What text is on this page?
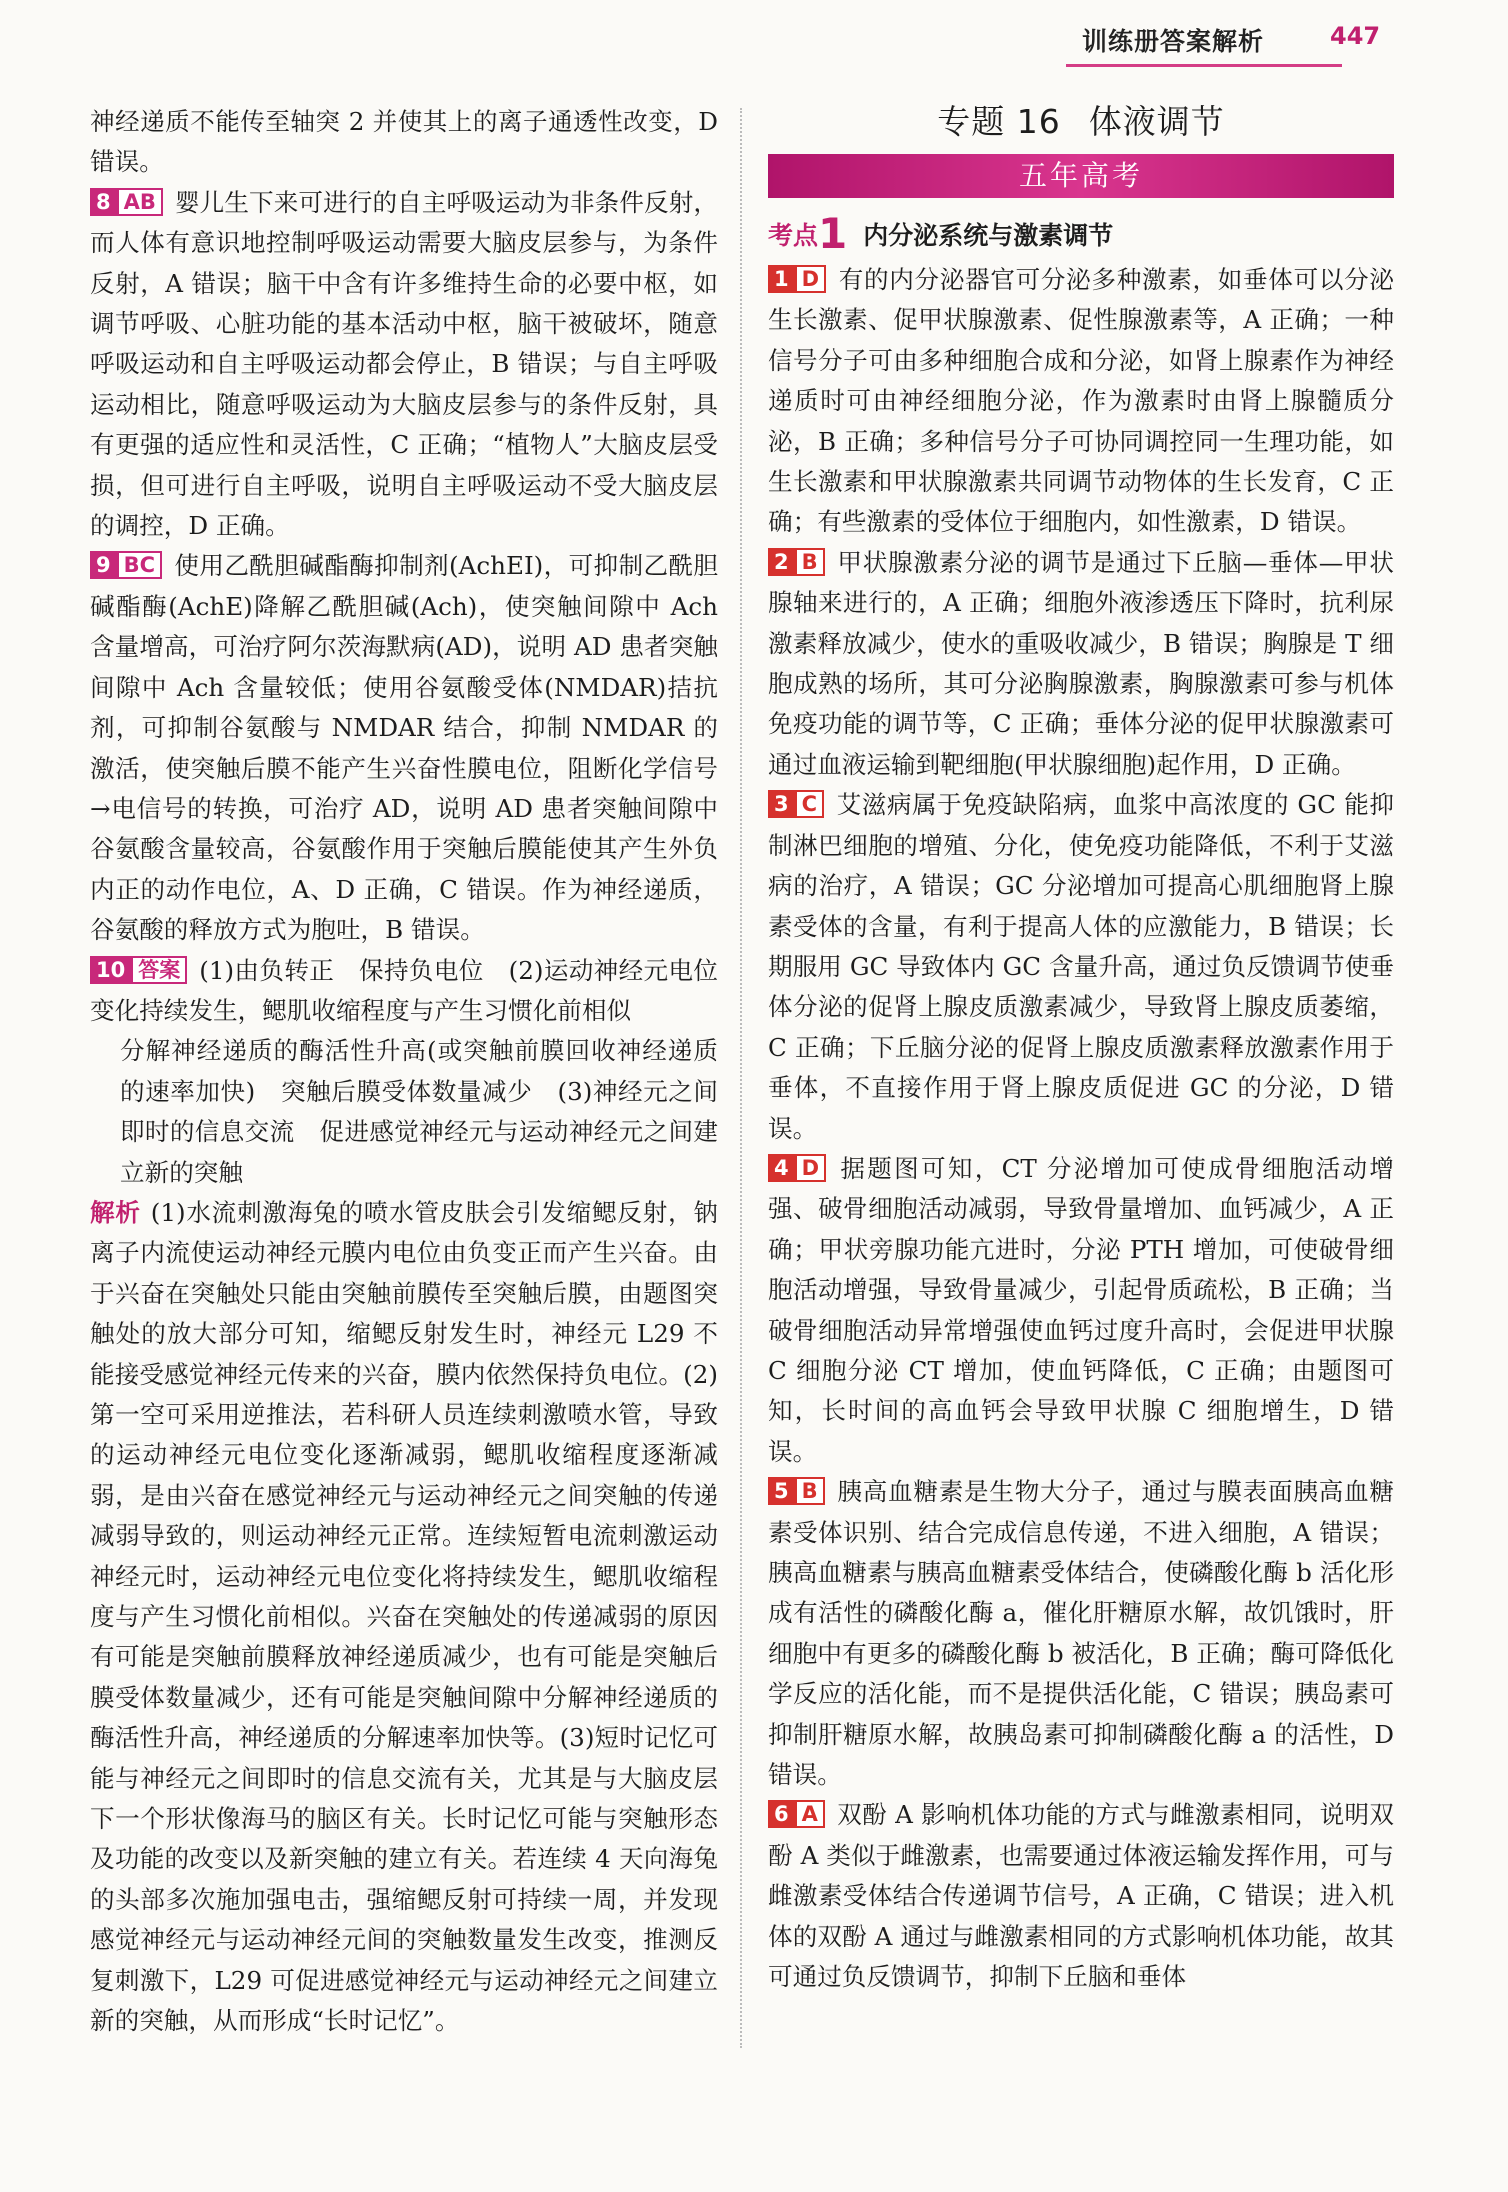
训练册答案解析	447

神经递质不能传至轴突 2 并使其上的离子通透性改变，D 错误。

8 AB 婴儿生下来可进行的自主呼吸运动为非条件反射，而人体有意识地控制呼吸运动需要大脑皮层参与，为条件反射，A 错误；脑干中含有许多维持生命的必要中枢，如调节呼吸、心脏功能的基本活动中枢，脑干被破坏，随意呼吸运动和自主呼吸运动都会停止，B 错误；与自主呼吸运动相比，随意呼吸运动为大脑皮层参与的条件反射，具有更强的适应性和灵活性，C 正确；“植物人”大脑皮层受损，但可进行自主呼吸，说明自主呼吸运动不受大脑皮层的调控，D 正确。

9 BC 使用乙酰胆碱酯酶抑制剂(AchEI)，可抑制乙酰胆碱酯酶(AchE)降解乙酰胆碱(Ach)，使突触间隙中 Ach 含量增高，可治疗阿尔茨海默病(AD)，说明 AD 患者突触间隙中 Ach 含量较低；使用谷氨酸受体(NMDAR)拮抗剂，可抑制谷氨酸与 NMDAR 结合，抑制 NMDAR 的激活，使突触后膜不能产生兴奋性膜电位，阻断化学信号→电信号的转换，可治疗 AD，说明 AD 患者突触间隙中谷氨酸含量较高，谷氨酸作用于突触后膜能使其产生外负内正的动作电位，A、D 正确，C 错误。作为神经递质，谷氨酸的释放方式为胞吐，B 错误。

10 答案 (1)由负转正　保持负电位　(2)运动神经元电位变化持续发生，鳃肌收缩程度与产生习惯化前相似

分解神经递质的酶活性升高(或突触前膜回收神经递质的速率加快)　突触后膜受体数量减少　(3)神经元之间即时的信息交流　促进感觉神经元与运动神经元之间建立新的突触

解析 (1)水流刺激海兔的喷水管皮肤会引发缩鳃反射，钠离子内流使运动神经元膜内电位由负变正而产生兴奋。由于兴奋在突触处只能由突触前膜传至突触后膜，由题图突触处的放大部分可知，缩鳃反射发生时，神经元 L29 不能接受感觉神经元传来的兴奋，膜内依然保持负电位。(2)第一空可采用逆推法，若科研人员连续刺激喷水管，导致的运动神经元电位变化逐渐减弱，鳃肌收缩程度逐渐减弱，是由兴奋在感觉神经元与运动神经元之间突触的传递减弱导致的，则运动神经元正常。连续短暂电流刺激运动神经元时，运动神经元电位变化将持续发生，鳃肌收缩程度与产生习惯化前相似。兴奋在突触处的传递减弱的原因有可能是突触前膜释放神经递质减少，也有可能是突触后膜受体数量减少，还有可能是突触间隙中分解神经递质的酶活性升高，神经递质的分解速率加快等。(3)短时记忆可能与神经元之间即时的信息交流有关，尤其是与大脑皮层下一个形状像海马的脑区有关。长时记忆可能与突触形态及功能的改变以及新突触的建立有关。若连续 4 天向海兔的头部多次施加强电击，强缩鳃反射可持续一周，并发现感觉神经元与运动神经元间的突触数量发生改变，推测反复刺激下，L29 可促进感觉神经元与运动神经元之间建立新的突触，从而形成“长时记忆”。

专题 16 体液调节
五年高考
考点1 内分泌系统与激素调节

1 D 有的内分泌器官可分泌多种激素，如垂体可以分泌生长激素、促甲状腺激素、促性腺激素等，A 正确；一种信号分子可由多种细胞合成和分泌，如肾上腺素作为神经递质时可由神经细胞分泌，作为激素时由肾上腺髓质分泌，B 正确；多种信号分子可协同调控同一生理功能，如生长激素和甲状腺激素共同调节动物体的生长发育，C 正确；有些激素的受体位于细胞内，如性激素，D 错误。

2 B 甲状腺激素分泌的调节是通过下丘脑—垂体—甲状腺轴来进行的，A 正确；细胞外液渗透压下降时，抗利尿激素释放减少，使水的重吸收减少，B 错误；胸腺是 T 细胞成熟的场所，其可分泌胸腺激素，胸腺激素可参与机体免疫功能的调节等，C 正确；垂体分泌的促甲状腺激素可通过血液运输到靶细胞(甲状腺细胞)起作用，D 正确。

3 C 艾滋病属于免疫缺陷病，血浆中高浓度的 GC 能抑制淋巴细胞的增殖、分化，使免疫功能降低，不利于艾滋病的治疗，A 错误；GC 分泌增加可提高心肌细胞肾上腺素受体的含量，有利于提高人体的应激能力，B 错误；长期服用 GC 导致体内 GC 含量升高，通过负反馈调节使垂体分泌的促肾上腺皮质激素减少，导致肾上腺皮质萎缩，C 正确；下丘脑分泌的促肾上腺皮质激素释放激素作用于垂体，不直接作用于肾上腺皮质促进 GC 的分泌，D 错误。

4 D 据题图可知，CT 分泌增加可使成骨细胞活动增强、破骨细胞活动减弱，导致骨量增加、血钙减少，A 正确；甲状旁腺功能亢进时，分泌 PTH 增加，可使破骨细胞活动增强，导致骨量减少，引起骨质疏松，B 正确；当破骨细胞活动异常增强使血钙过度升高时，会促进甲状腺 C 细胞分泌 CT 增加，使血钙降低，C 正确；由题图可知，长时间的高血钙会导致甲状腺 C 细胞增生，D 错误。

5 B 胰高血糖素是生物大分子，通过与膜表面胰高血糖素受体识别、结合完成信息传递，不进入细胞，A 错误；胰高血糖素与胰高血糖素受体结合，使磷酸化酶 b 活化形成有活性的磷酸化酶 a，催化肝糖原水解，故饥饿时，肝细胞中有更多的磷酸化酶 b 被活化，B 正确；酶可降低化学反应的活化能，而不是提供活化能，C 错误；胰岛素可抑制肝糖原水解，故胰岛素可抑制磷酸化酶 a 的活性，D 错误。

6 A 双酚 A 影响机体功能的方式与雌激素相同，说明双酚 A 类似于雌激素，也需要通过体液运输发挥作用，可与雌激素受体结合传递调节信号，A 正确，C 错误；进入机体的双酚 A 通过与雌激素相同的方式影响机体功能，故其可通过负反馈调节，抑制下丘脑和垂体
